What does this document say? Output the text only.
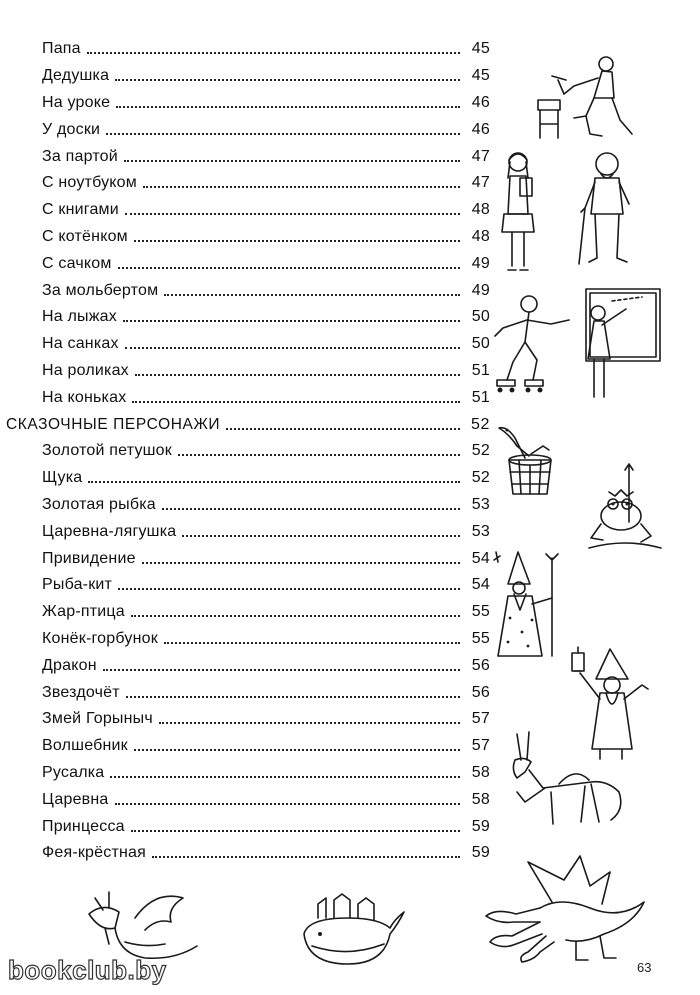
Папа	45
Дедушка	45
На уроке	46
У доски	46
За партой	47
С ноутбуком	47
С книгами	48
С котёнком	48
С сачком	49
За мольбертом	49
На лыжах	50
На санках	50
На роликах	51
На коньках	51
СКАЗОЧНЫЕ ПЕРСОНАЖИ	52
Золотой петушок	52
Щука	52
Золотая рыбка	53
Царевна-лягушка	53
Привидение	54
Рыба-кит	54
Жар-птица	55
Конёк-горбунок	55
Дракон	56
Звездочёт	56
Змей Горыныч	57
Волшебник	57
Русалка	58
Царевна	58
Принцесса	59
Фея-крёстная	59
bookclub.by	63
